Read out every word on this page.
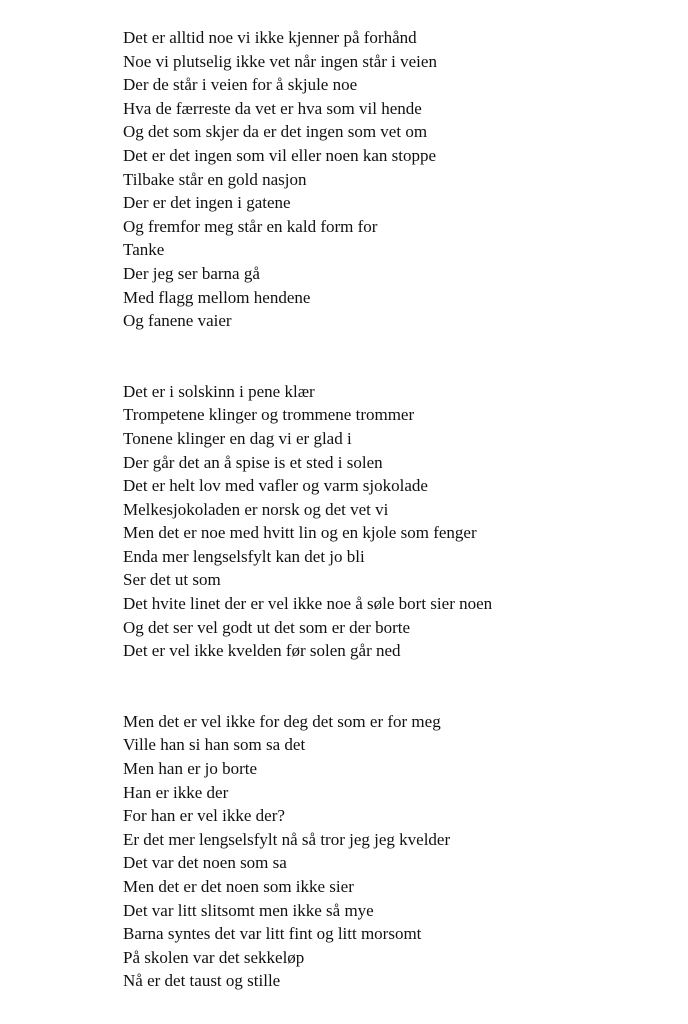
Det er alltid noe vi ikke kjenner på forhånd
Noe vi plutselig ikke vet når ingen står i veien
Der de står i veien for å skjule noe
Hva de færreste da vet er hva som vil hende
Og det som skjer da er det ingen som vet om
Det er det ingen som vil eller noen kan stoppe
Tilbake står en gold nasjon
Der er det ingen i gatene
Og fremfor meg står en kald form for
Tanke
Der jeg ser barna gå
Med flagg mellom hendene
Og fanene vaier
Det er i solskinn i pene klær
Trompetene klinger og trommene trommer
Tonene klinger en dag vi er glad i
Der går det an å spise is et sted i solen
Det er helt lov med vafler og varm sjokolade
Melkesjokoladen er norsk og det vet vi
Men det er noe med hvitt lin og en kjole som fenger
Enda mer lengselsfylt kan det jo bli
Ser det ut som
Det hvite linet der er vel ikke noe å søle bort sier noen
Og det ser vel godt ut det som er der borte
Det er vel ikke kvelden før solen går ned
Men det er vel ikke for deg det som er for meg
Ville han si han som sa det
Men han er jo borte
Han er ikke der
For han er vel ikke der?
Er det mer lengselsfylt nå så tror jeg jeg kvelder
Det var det noen som sa
Men det er det noen som ikke sier
Det var litt slitsomt men ikke så mye
Barna syntes det var litt fint og litt morsomt
På skolen var det sekkeløp
Nå er det taust og stille
